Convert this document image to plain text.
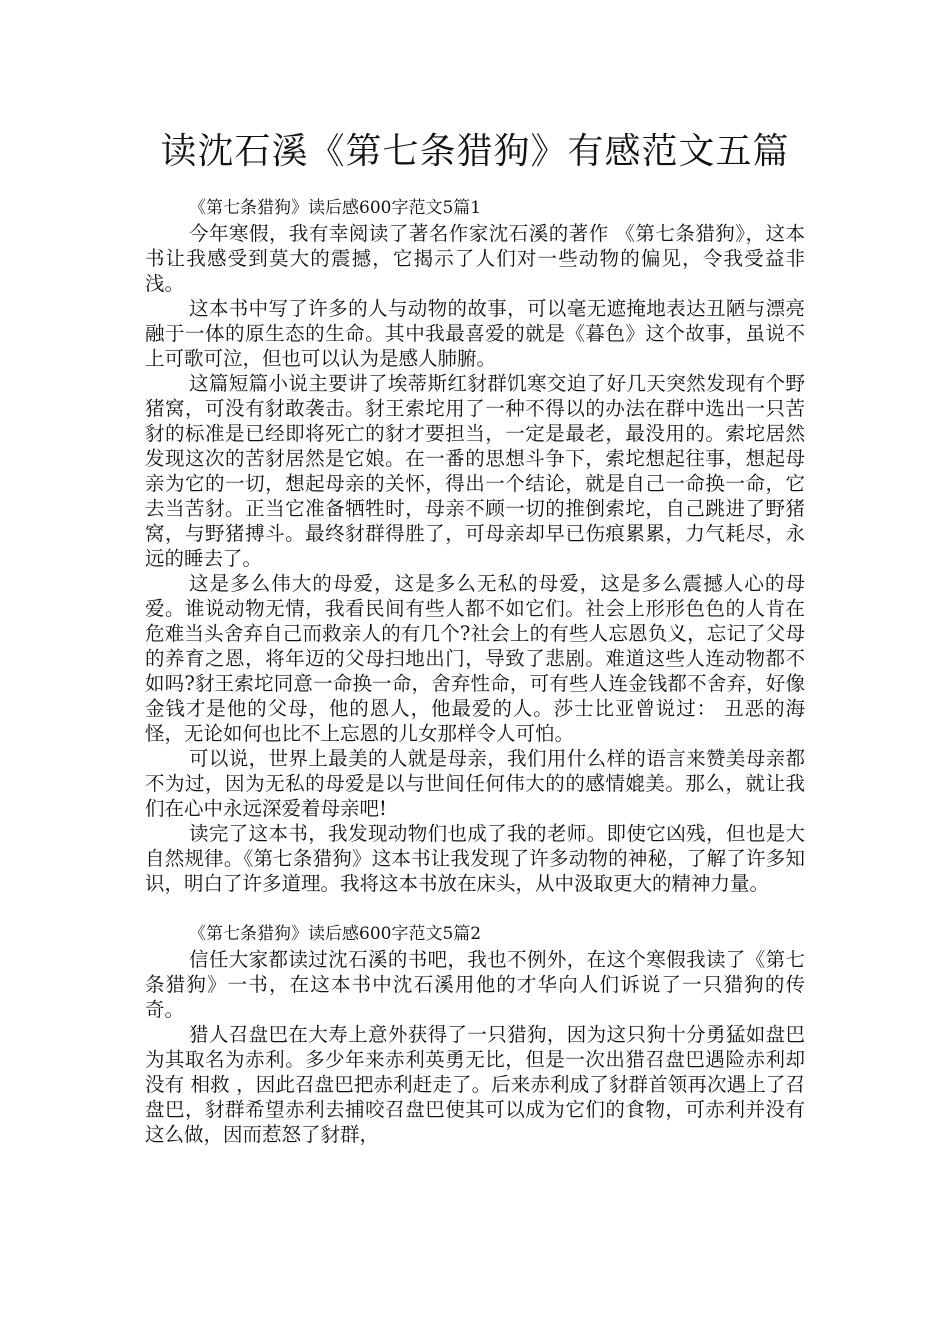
读沈石溪《第七条猎狗》有感范文五篇

《第七条猎狗》读后感600字范文5篇1

今年寒假，我有幸阅读了著名作家沈石溪的著作 《第七条猎狗》，这本书让我感受到莫大的震撼，它揭示了人们对一些动物的偏见，令我受益非浅。

这本书中写了许多的人与动物的故事，可以毫无遮掩地表达丑陋与漂亮融于一体的原生态的生命。其中我最喜爱的就是《暮色》这个故事，虽说不上可歌可泣，但也可以认为是感人肺腑。

这篇短篇小说主要讲了埃蒂斯红豺群饥寒交迫了好几天突然发现有个野猪窝，可没有豺敢袭击。豺王索坨用了一种不得以的办法在群中选出一只苦豺的标准是已经即将死亡的豺才要担当，一定是最老，最没用的。索坨居然发现这次的苦豺居然是它娘。在一番的思想斗争下，索坨想起往事，想起母亲为它的一切，想起母亲的关怀，得出一个结论，就是自己一命换一命，它去当苦豺。正当它准备牺牲时，母亲不顾一切的推倒索坨，自己跳进了野猪窝，与野猪搏斗。最终豺群得胜了，可母亲却早已伤痕累累，力气耗尽，永远的睡去了。

这是多么伟大的母爱，这是多么无私的母爱，这是多么震撼人心的母爱。谁说动物无情，我看民间有些人都不如它们。社会上形形色色的人肯在危难当头舍弃自己而救亲人的有几个?社会上的有些人忘恩负义，忘记了父母的养育之恩，将年迈的父母扫地出门，导致了悲剧。难道这些人连动物都不如吗?豺王索坨同意一命换一命，舍弃性命，可有些人连金钱都不舍弃，好像金钱才是他的父母，他的恩人，他最爱的人。莎士比亚曾说过： 丑恶的海怪，无论如何也比不上忘恩的儿女那样令人可怕。

可以说，世界上最美的人就是母亲，我们用什么样的语言来赞美母亲都不为过，因为无私的母爱是以与世间任何伟大的的感情媲美。那么，就让我们在心中永远深爱着母亲吧!

读完了这本书，我发现动物们也成了我的老师。即使它凶残，但也是大自然规律。《第七条猎狗》这本书让我发现了许多动物的神秘，了解了许多知识，明白了许多道理。我将这本书放在床头，从中汲取更大的精神力量。

《第七条猎狗》读后感600字范文5篇2

信任大家都读过沈石溪的书吧，我也不例外，在这个寒假我读了《第七条猎狗》一书，在这本书中沈石溪用他的才华向人们诉说了一只猎狗的传奇。

猎人召盘巴在大寿上意外获得了一只猎狗，因为这只狗十分勇猛如盘巴为其取名为赤利。多少年来赤利英勇无比，但是一次出猎召盘巴遇险赤利却没有 相救 ，因此召盘巴把赤利赶走了。后来赤利成了豺群首领再次遇上了召盘巴，豺群希望赤利去捕咬召盘巴使其可以成为它们的食物，可赤利并没有这么做，因而惹怒了豺群，
